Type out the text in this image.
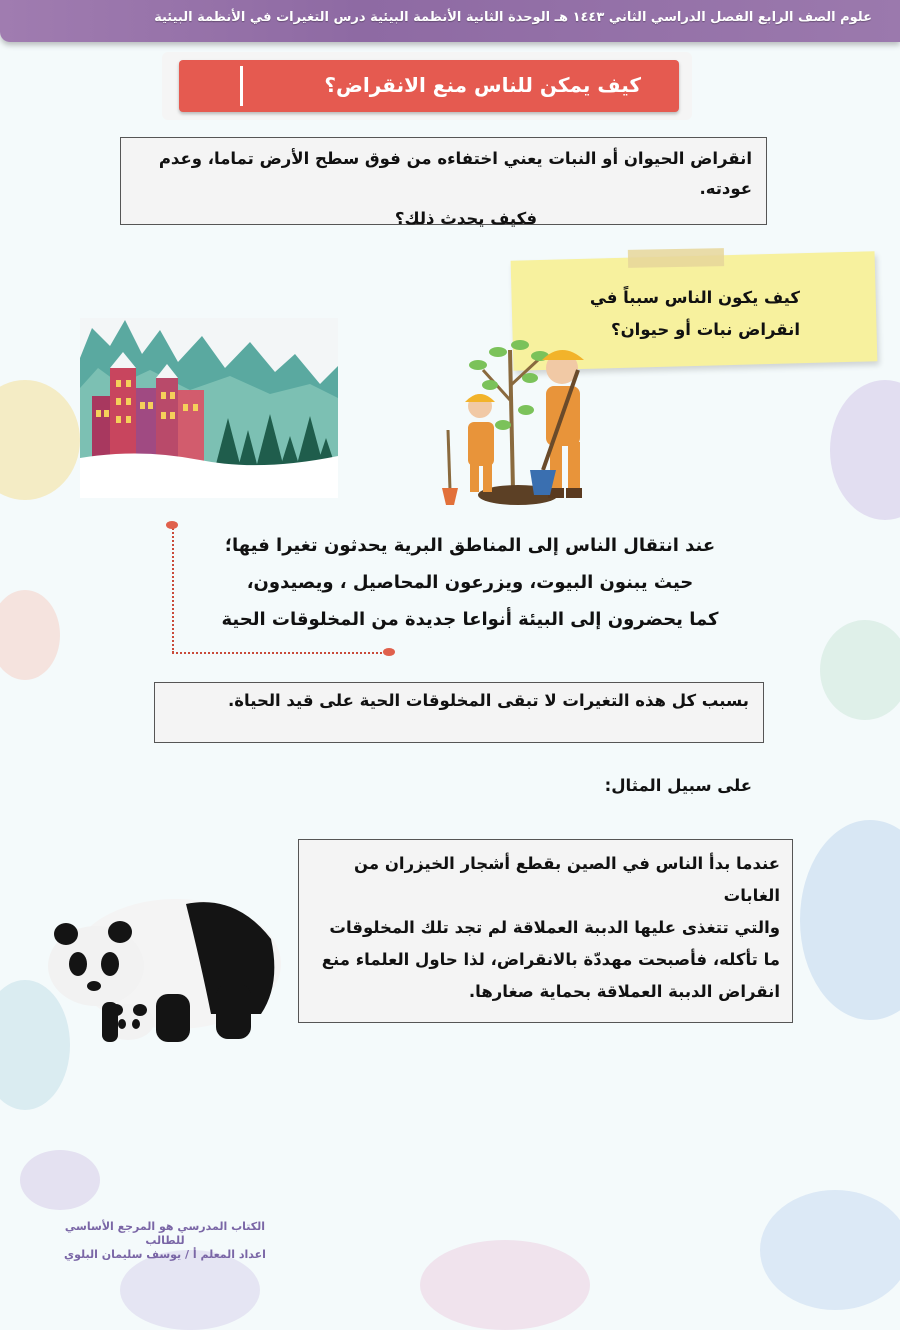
علوم الصف الرابع الفصل الدراسي الثاني ١٤٤٣ هـ الوحدة الثانية الأنظمة البيئية درس التغيرات في الأنظمة البيئية
كيف يمكن للناس منع الانقراض؟

انقراض الحيوان أو النبات يعني اختفاءه من فوق سطح الأرض تماما، وعدم عودته.

فكيف يحدث ذلك؟

كيف يكون الناس سبباً في
انقراض نبات أو حيوان؟

عند انتقال الناس إلى المناطق البرية يحدثون تغيرا فيها؛

حيث يبنون البيوت، ويزرعون المحاصيل ، ويصيدون،

كما يحضرون إلى البيئة أنواعا جديدة من المخلوقات الحية

بسبب كل هذه التغيرات لا تبقى المخلوقات الحية على قيد الحياة.
على سبيل المثال:
عندما بدأ الناس في الصين بقطع أشجار الخيزران من الغابات
والتي تتغذى عليها الدببة العملاقة لم تجد تلك المخلوقات
ما تأكله، فأصبحت مهددّة بالانقراض، لذا حاول العلماء منع
انقراض الدببة العملاقة بحماية صغارها.
الكتاب المدرسي هو المرجع الأساسي للطالب
اعداد المعلم أ / يوسف سليمان البلوي
